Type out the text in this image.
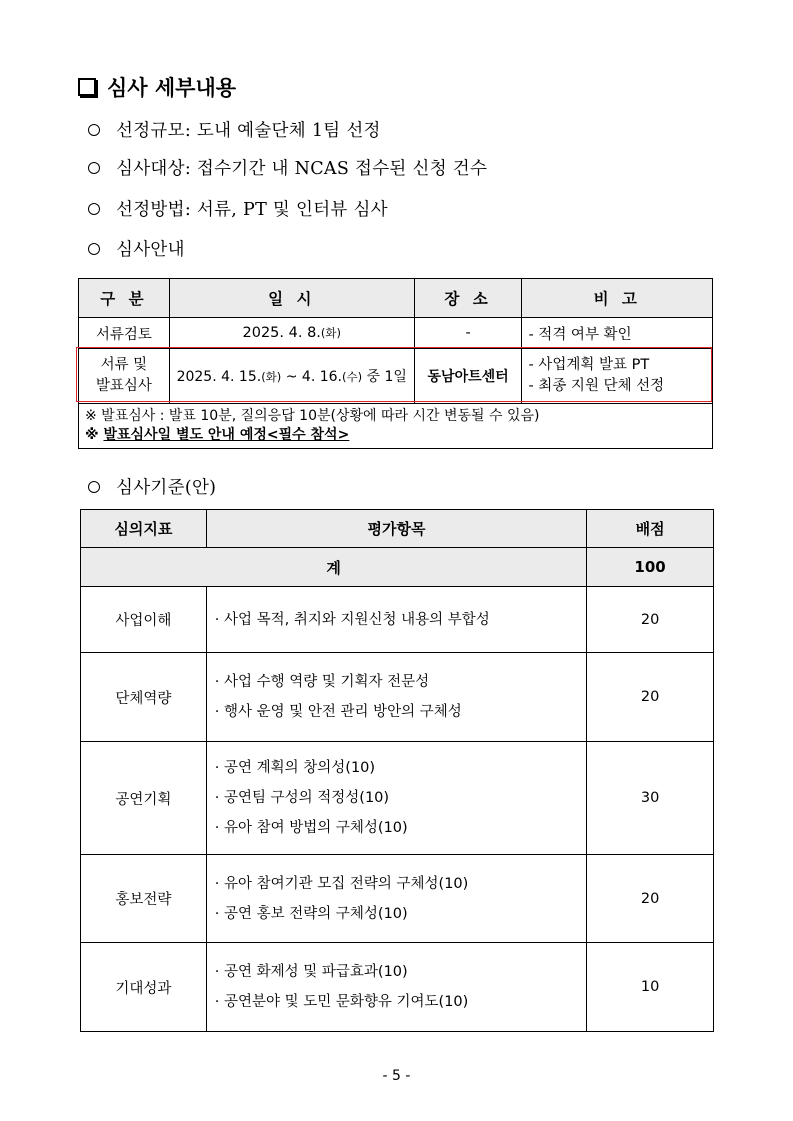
심사 세부내용
선정규모: 도내 예술단체 1팀 선정
심사대상: 접수기간 내 NCAS 접수된 신청 건수
선정방법: 서류, PT 및 인터뷰 심사
심사안내
구 분	일 시	장 소	비 고
서류검토	2025. 4. 8.(화)	-	- 적격 여부 확인
서류 및
발표심사	2025. 4. 15.(화) ~ 4. 16.(수) 중 1일	동남아트센터	- 사업계획 발표 PT
- 최종 지원 단체 선정
※ 발표심사 : 발표 10분, 질의응답 10분(상황에 따라 시간 변동될 수 있음)
※ 발표심사일 별도 안내 예정<필수 참석>			
심사기준(안)
심의지표	평가항목	배점
계		100
사업이해	· 사업 목적, 취지와 지원신청 내용의 부합성	20
단체역량	· 사업 수행 역량 및 기획자 전문성
· 행사 운영 및 안전 관리 방안의 구체성	20
공연기획	· 공연 계획의 창의성(10)
· 공연팀 구성의 적정성(10)
· 유아 참여 방법의 구체성(10)	30
홍보전략	· 유아 참여기관 모집 전략의 구체성(10)
· 공연 홍보 전략의 구체성(10)	20
기대성과	· 공연 화제성 및 파급효과(10)
· 공연분야 및 도민 문화향유 기여도(10)	10
- 5 -
